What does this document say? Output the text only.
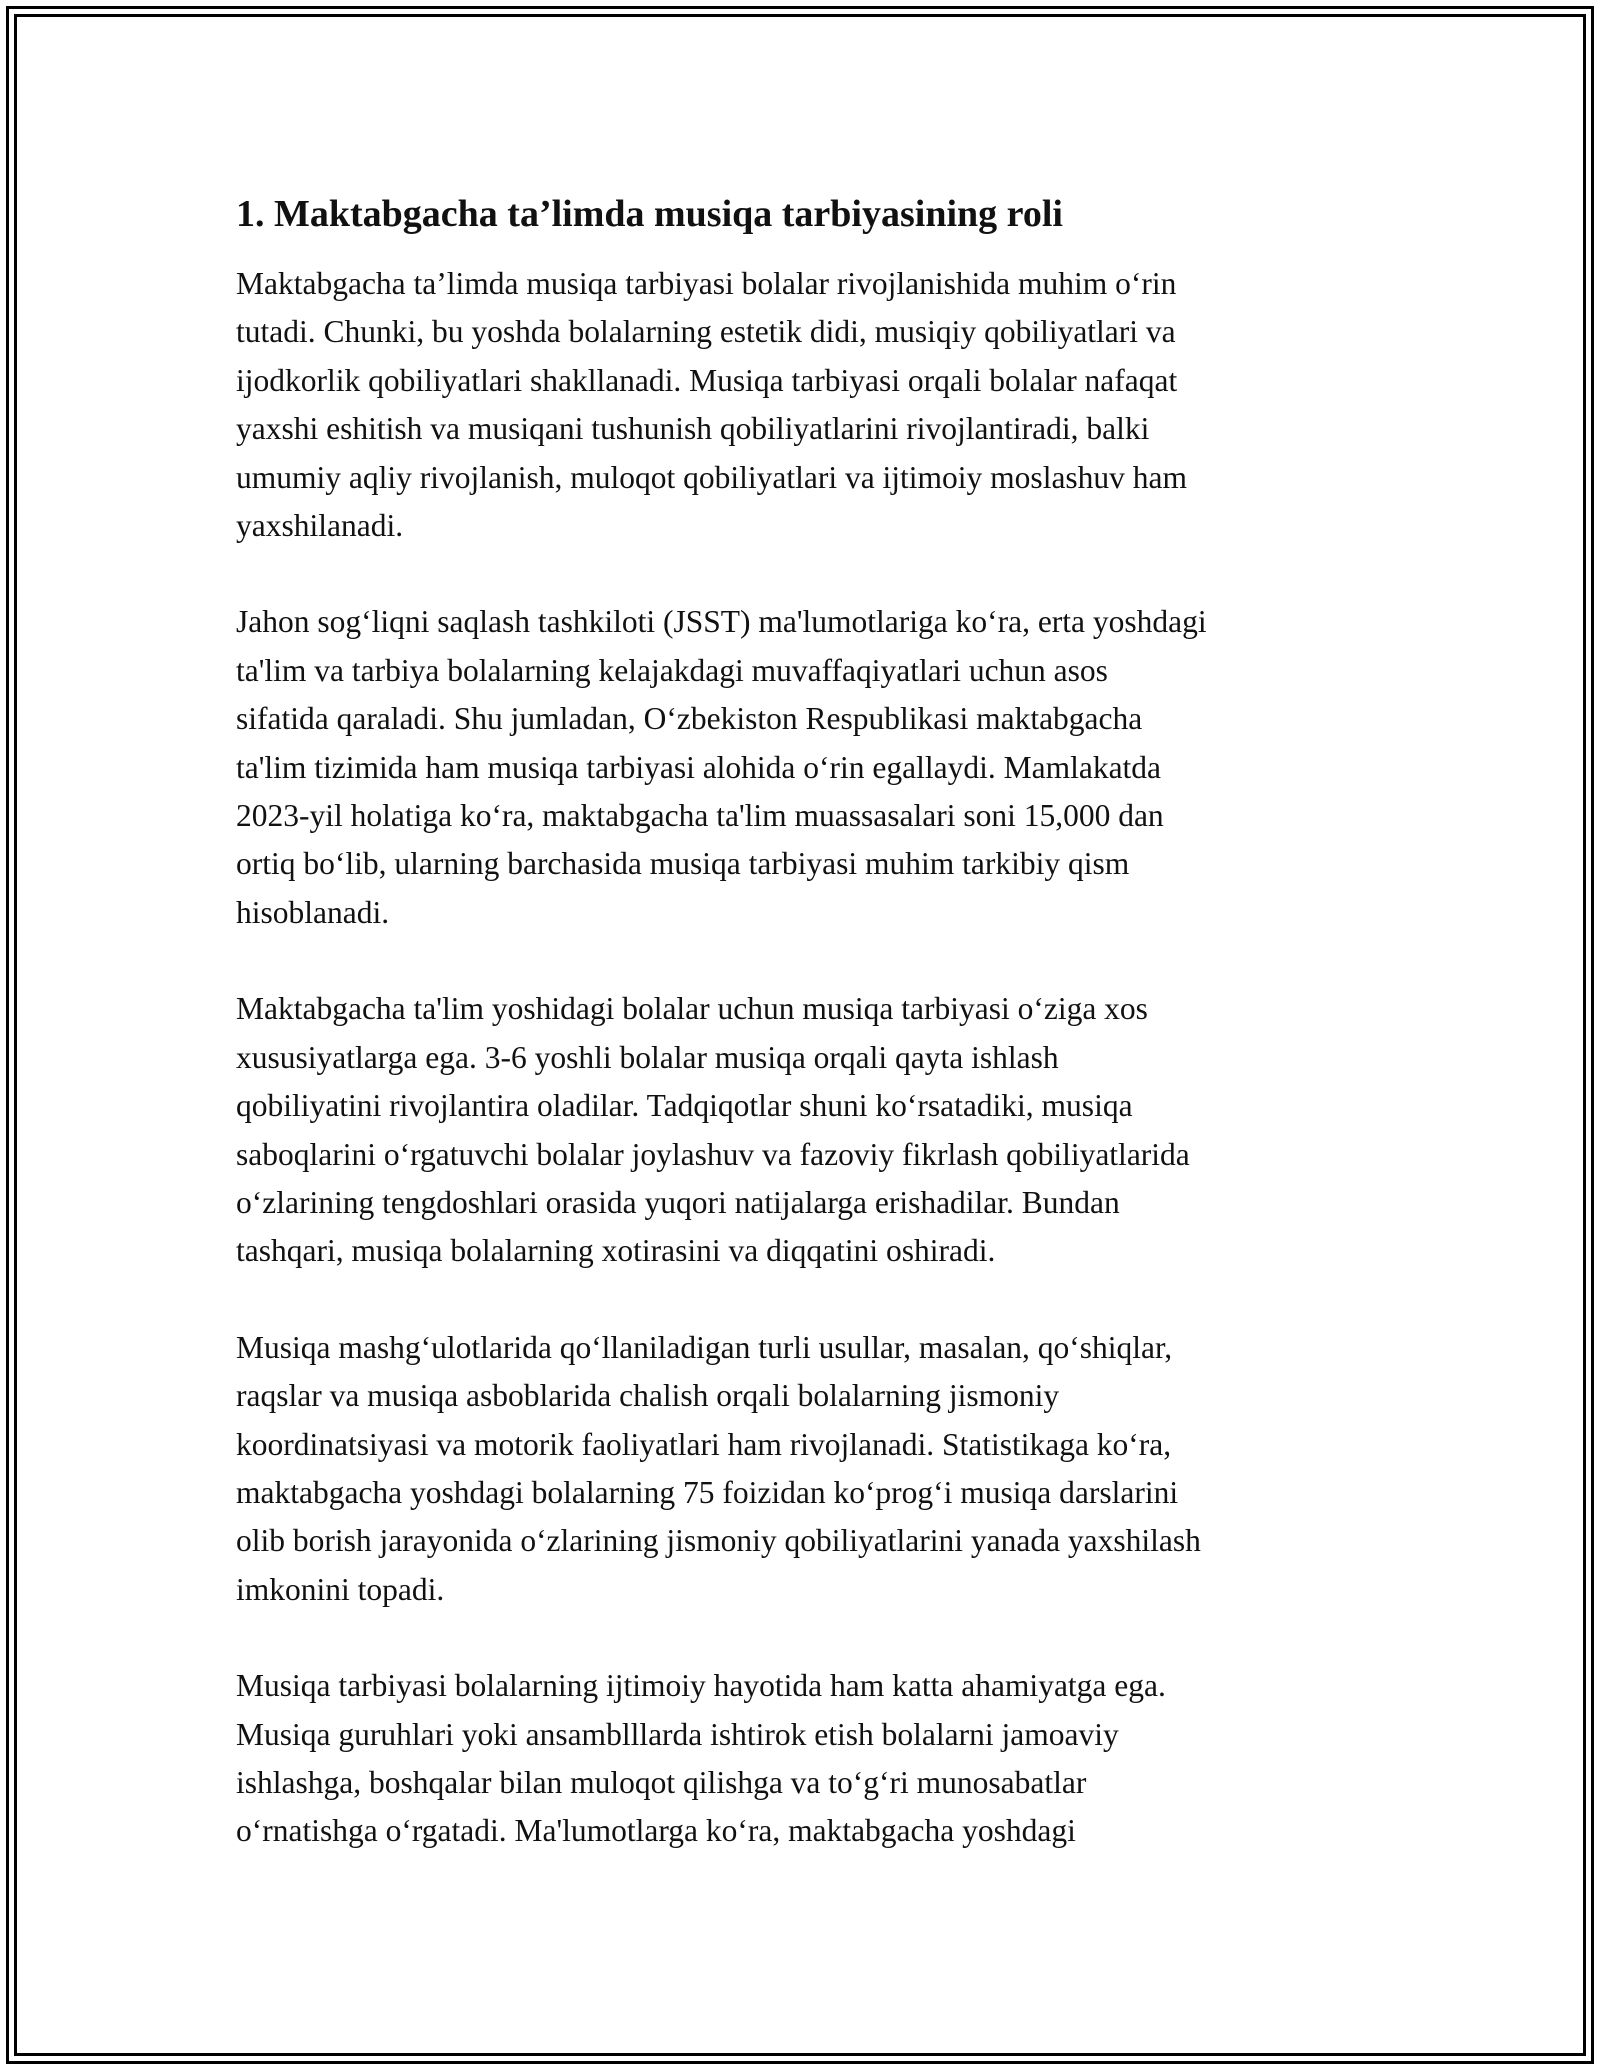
1. Maktabgacha ta’limda musiqa tarbiyasining roli
Maktabgacha ta’limda musiqa tarbiyasi bolalar rivojlanishida muhim o‘rin
tutadi. Chunki, bu yoshda bolalarning estetik didi, musiqiy qobiliyatlari va
ijodkorlik qobiliyatlari shakllanadi. Musiqa tarbiyasi orqali bolalar nafaqat
yaxshi eshitish va musiqani tushunish qobiliyatlarini rivojlantiradi, balki
umumiy aqliy rivojlanish, muloqot qobiliyatlari va ijtimoiy moslashuv ham
yaxshilanadi.
Jahon sog‘liqni saqlash tashkiloti (JSST) ma'lumotlariga ko‘ra, erta yoshdagi
ta'lim va tarbiya bolalarning kelajakdagi muvaffaqiyatlari uchun asos
sifatida qaraladi. Shu jumladan, O‘zbekiston Respublikasi maktabgacha
ta'lim tizimida ham musiqa tarbiyasi alohida o‘rin egallaydi. Mamlakatda
2023-yil holatiga ko‘ra, maktabgacha ta'lim muassasalari soni 15,000 dan
ortiq bo‘lib, ularning barchasida musiqa tarbiyasi muhim tarkibiy qism
hisoblanadi.
Maktabgacha ta'lim yoshidagi bolalar uchun musiqa tarbiyasi o‘ziga xos
xususiyatlarga ega. 3-6 yoshli bolalar musiqa orqali qayta ishlash
qobiliyatini rivojlantira oladilar. Tadqiqotlar shuni ko‘rsatadiki, musiqa
saboqlarini o‘rgatuvchi bolalar joylashuv va fazoviy fikrlash qobiliyatlarida
o‘zlarining tengdoshlari orasida yuqori natijalarga erishadilar. Bundan
tashqari, musiqa bolalarning xotirasini va diqqatini oshiradi.
Musiqa mashg‘ulotlarida qo‘llaniladigan turli usullar, masalan, qo‘shiqlar,
raqslar va musiqa asboblarida chalish orqali bolalarning jismoniy
koordinatsiyasi va motorik faoliyatlari ham rivojlanadi. Statistikaga ko‘ra,
maktabgacha yoshdagi bolalarning 75 foizidan ko‘prog‘i musiqa darslarini
olib borish jarayonida o‘zlarining jismoniy qobiliyatlarini yanada yaxshilash
imkonini topadi.
Musiqa tarbiyasi bolalarning ijtimoiy hayotida ham katta ahamiyatga ega.
Musiqa guruhlari yoki ansamblllarda ishtirok etish bolalarni jamoaviy
ishlashga, boshqalar bilan muloqot qilishga va to‘g‘ri munosabatlar
o‘rnatishga o‘rgatadi. Ma'lumotlarga ko‘ra, maktabgacha yoshdagi
